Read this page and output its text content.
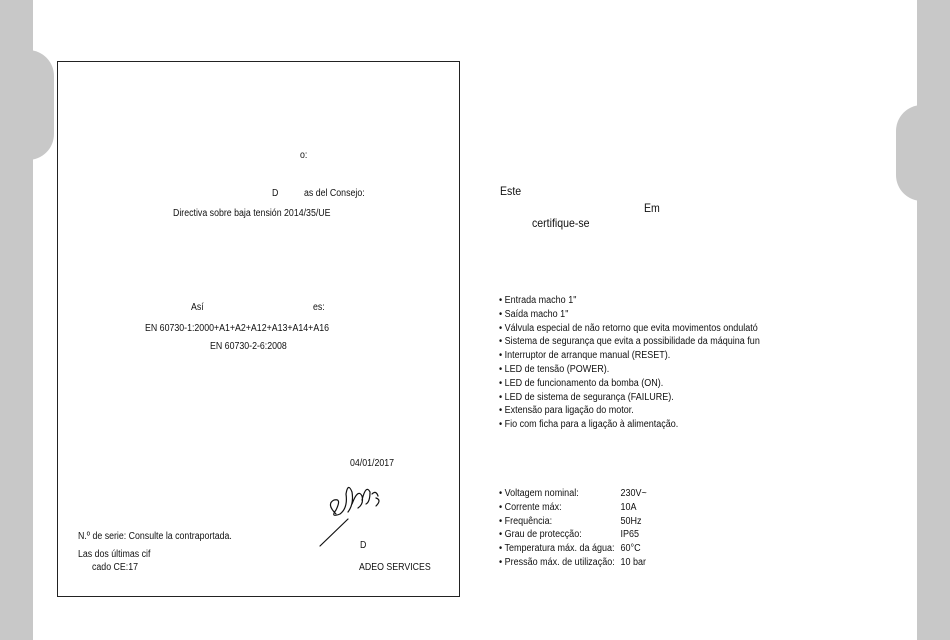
o:
D	as del Consejo:
Directiva sobre baja tensión 2014/35/UE
Así	es:
EN 60730-1:2000+A1+A2+A12+A13+A14+A16
EN 60730-2-6:2008
04/01/2017
D
ADEO SERVICES
N.º de serie: Consulte la contraportada.
Las dos últimas cif
cado CE:17
Este
Em
certifique-se
• Entrada macho 1"
• Saída macho 1"
• Válvula especial de não retorno que evita movimentos ondulató
• Sistema de segurança que evita a possibilidade da máquina fun
• Interruptor de arranque manual (RESET).
• LED de tensão (POWER).
• LED de funcionamento da bomba (ON).
• LED de sistema de segurança (FAILURE).
• Extensão para ligação do motor.
• Fio com ficha para a ligação à alimentação.
• Voltagem nominal:	230V~
• Corrente máx:	10A
• Frequência:	50Hz
• Grau de protecção:	IP65
• Temperatura máx. da água: 60°C
• Pressão máx. de utilização: 10 bar
